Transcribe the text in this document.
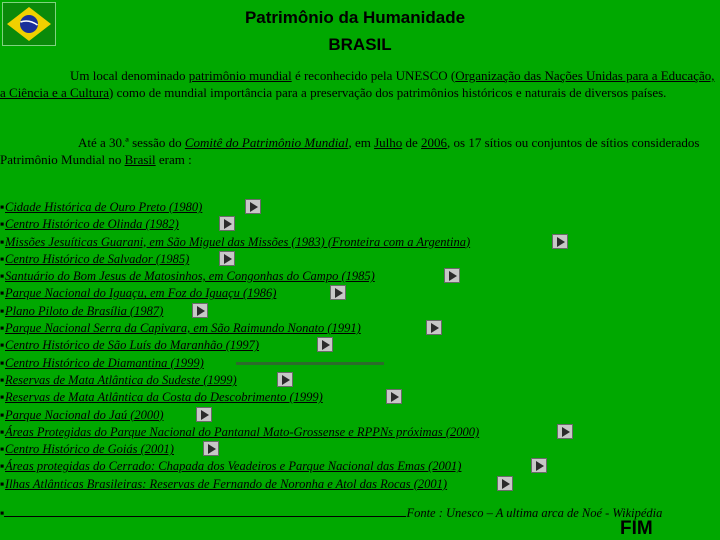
Patrimônio da Humanidade
BRASIL
Um local denominado patrimônio mundial é reconhecido pela UNESCO (Organização das Nações Unidas para a Educação, a Ciência e a Cultura) como de mundial importância para a preservação dos patrimônios históricos e naturais de diversos países.
Até a 30.ª sessão do Comitê do Patrimônio Mundial, em Julho de 2006, os 17 sítios ou conjuntos de sítios considerados Patrimônio Mundial no Brasil eram :
▪Cidade Histórica de Ouro Preto (1980)
▪Centro Histórico de Olinda (1982)
▪Missões Jesuíticas Guarani, em São Miguel das Missões (1983) (Fronteira com a Argentina)
▪Centro Histórico de Salvador (1985)
▪Santuário do Bom Jesus de Matosinhos, em Congonhas do Campo (1985)
▪Parque Nacional do Iguaçu, em Foz do Iguaçu (1986)
▪Plano Piloto de Brasília (1987)
▪Parque Nacional Serra da Capivara, em São Raimundo Nonato (1991)
▪Centro Histórico de São Luís do Maranhão (1997)
▪Centro Histórico de Diamantina (1999)
▪Reservas de Mata Atlântica do Sudeste (1999)
▪Reservas de Mata Atlântica da Costa do Descobrimento (1999)
▪Parque Nacional do Jaú (2000)
▪Áreas Protegidas do Parque Nacional do Pantanal Mato-Grossense e RPPNs próximas (2000)
▪Centro Histórico de Goiás (2001)
▪Áreas protegidas do Cerrado: Chapada dos Veadeiros e Parque Nacional das Emas (2001)
▪Ilhas Atlânticas Brasileiras: Reservas de Fernando de Noronha e Atol das Rocas (2001)
▪	Fonte : Unesco – A ultima arca de Noé - Wikipédia
FIM
